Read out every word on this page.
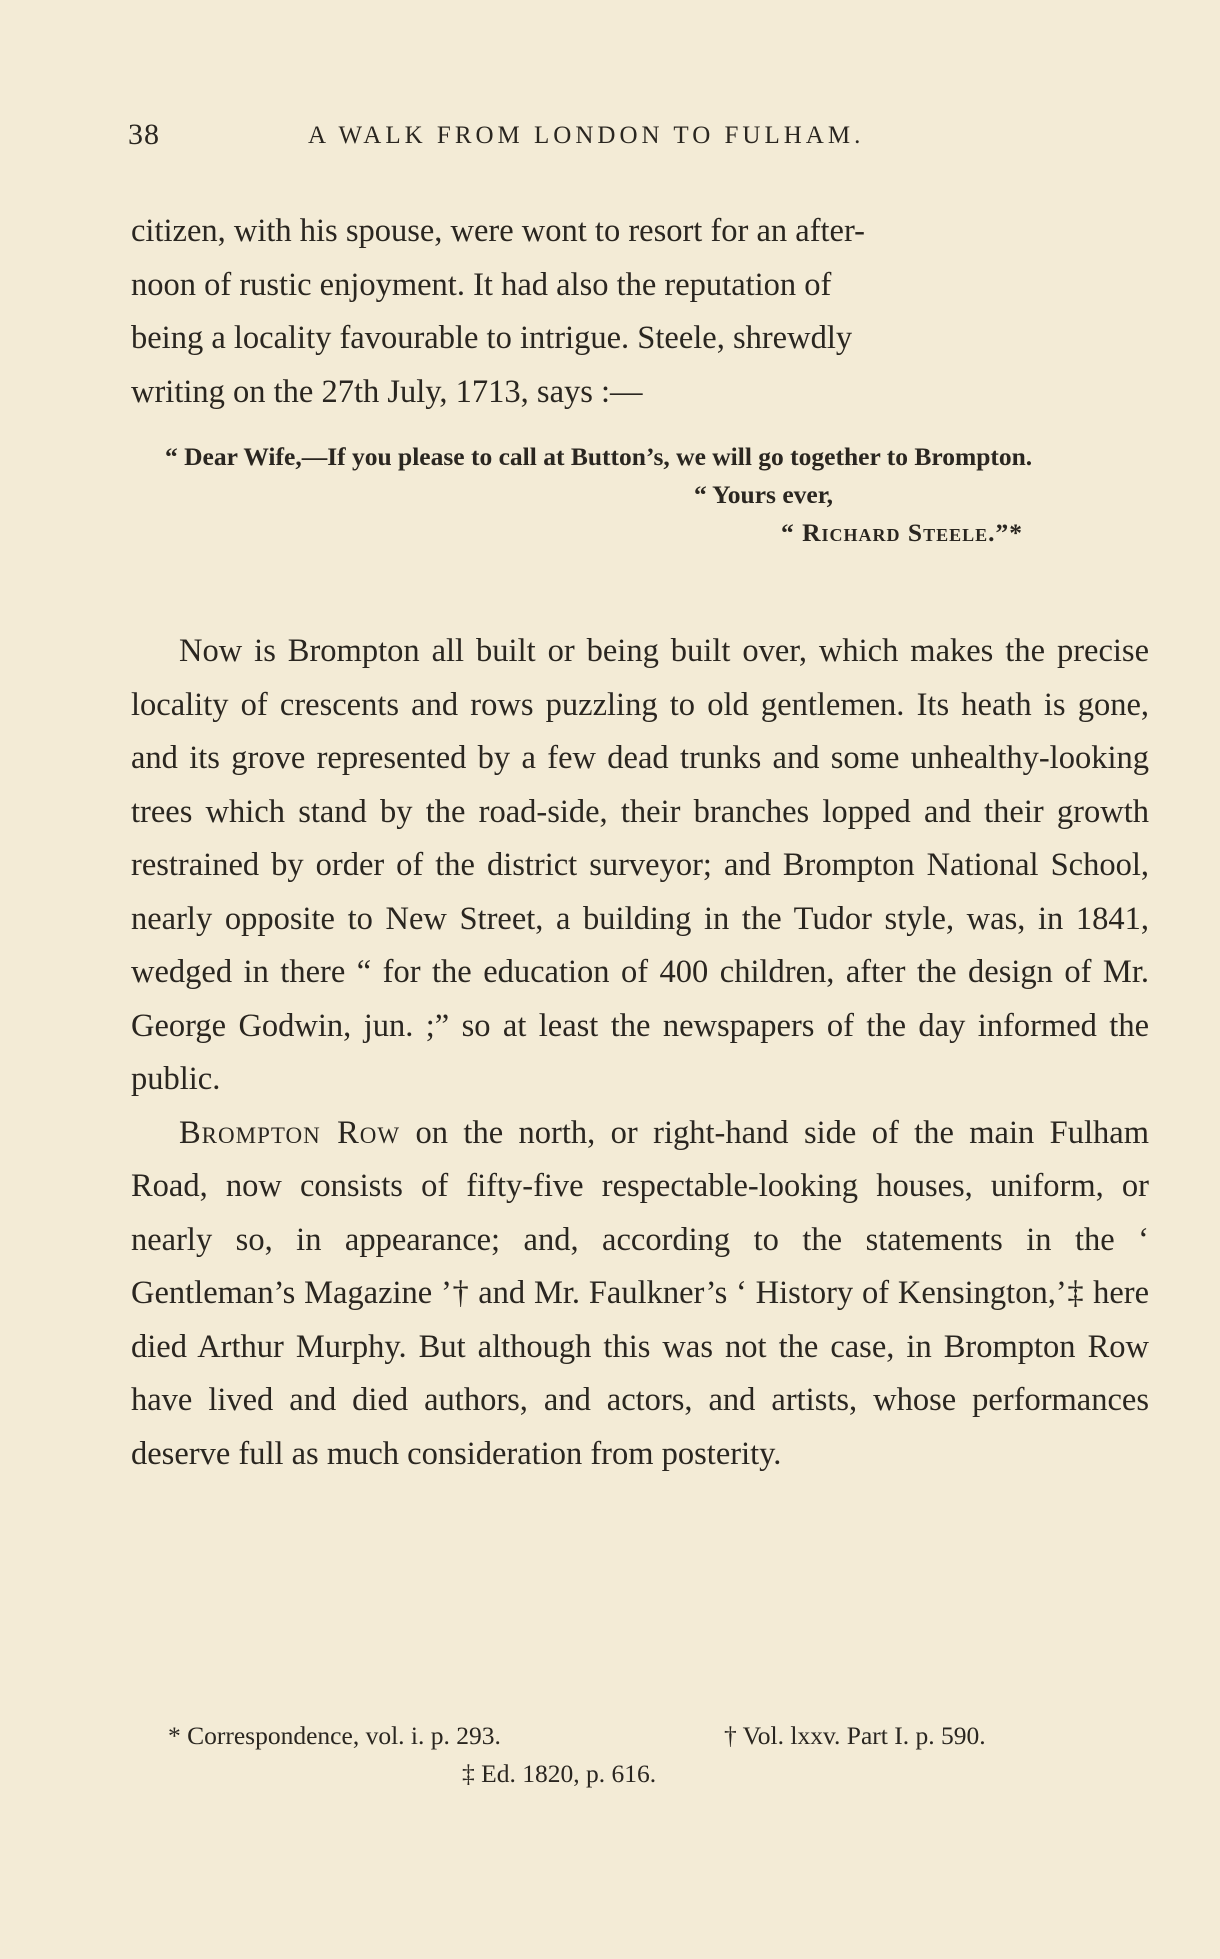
38	A WALK FROM LONDON TO FULHAM.

citizen, with his spouse, were wont to resort for an after-

noon of rustic enjoyment. It had also the reputation of

being a locality favourable to intrigue. Steele, shrewdly

writing on the 27th July, 1713, says :—

“ Dear Wife,—If you please to call at Button’s, we will go together to Brompton.

“ Yours ever,

“ Richard Steele.”*

Now is Brompton all built or being built over, which makes the precise locality of crescents and rows puzzling to old gentlemen. Its heath is gone, and its grove represented by a few dead trunks and some unhealthy-looking trees which stand by the road-side, their branches lopped and their growth restrained by order of the district surveyor; and Brompton National School, nearly opposite to New Street, a building in the Tudor style, was, in 1841, wedged in there “ for the education of 400 children, after the design of Mr. George Godwin, jun. ;” so at least the newspapers of the day informed the public.

Brompton Row on the north, or right-hand side of the main Fulham Road, now consists of fifty-five respectable-looking houses, uniform, or nearly so, in appearance; and, according to the statements in the ‘ Gentleman’s Magazine ’† and Mr. Faulkner’s ‘ History of Kensington,’‡ here died Arthur Murphy. But although this was not the case, in Brompton Row have lived and died authors, and actors, and artists, whose performances deserve full as much consideration from posterity.

* Correspondence, vol. i. p. 293.	† Vol. lxxv. Part I. p. 590.
‡ Ed. 1820, p. 616.
